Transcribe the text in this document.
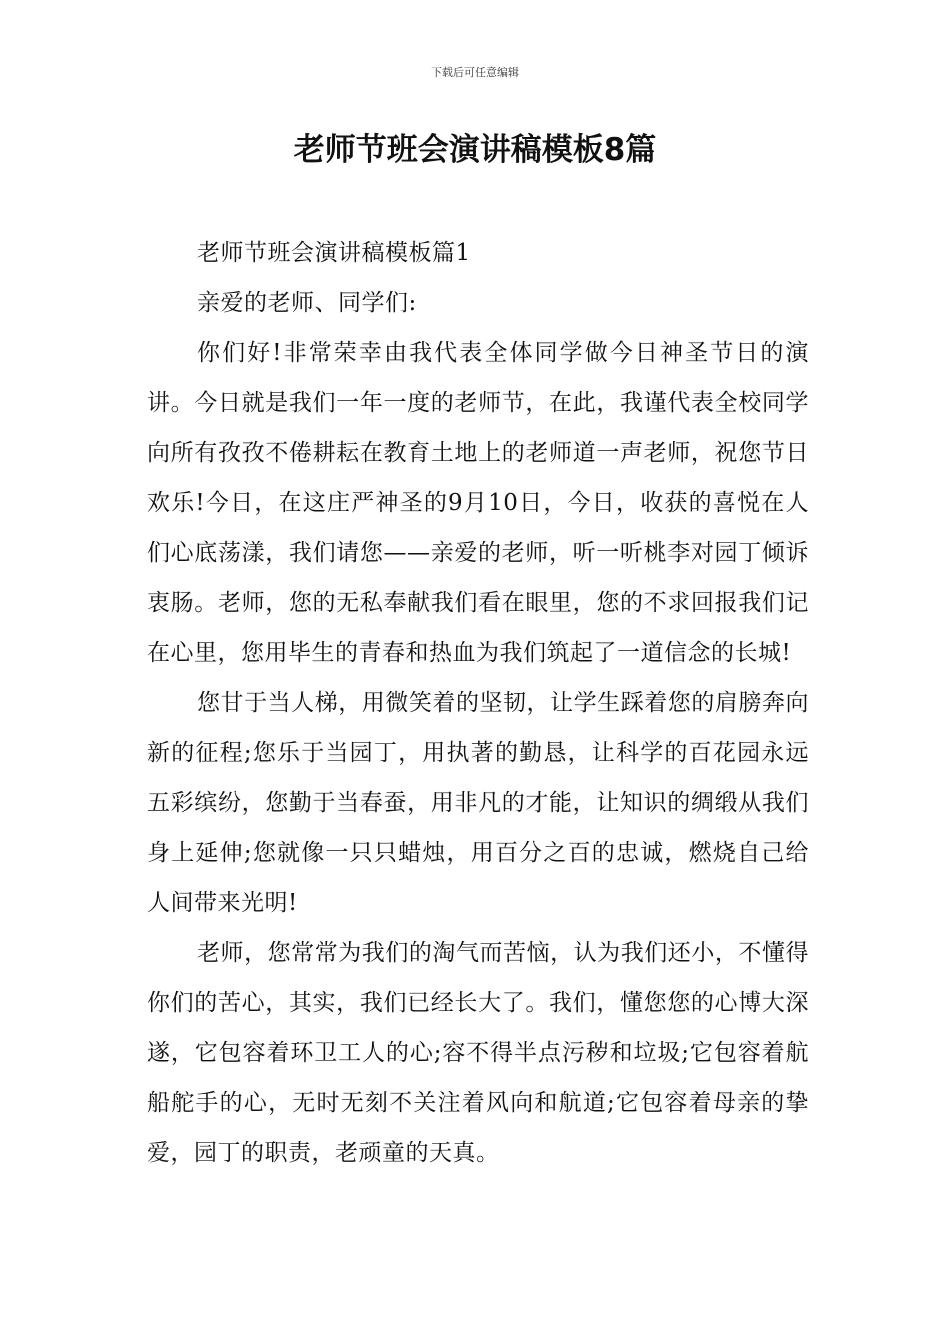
下载后可任意编辑
老师节班会演讲稿模板8篇

老师节班会演讲稿模板篇1

亲爱的老师、同学们:

你们好!非常荣幸由我代表全体同学做今日神圣节日的演讲。今日就是我们一年一度的老师节，在此，我谨代表全校同学向所有孜孜不倦耕耘在教育土地上的老师道一声老师，祝您节日欢乐!今日，在这庄严神圣的9月10日，今日，收获的喜悦在人们心底荡漾，我们请您——亲爱的老师，听一听桃李对园丁倾诉衷肠。老师，您的无私奉献我们看在眼里，您的不求回报我们记在心里，您用毕生的青春和热血为我们筑起了一道信念的长城!

您甘于当人梯，用微笑着的坚韧，让学生踩着您的肩膀奔向新的征程;您乐于当园丁，用执著的勤恳，让科学的百花园永远五彩缤纷，您勤于当春蚕，用非凡的才能，让知识的绸缎从我们身上延伸;您就像一只只蜡烛，用百分之百的忠诚，燃烧自己给人间带来光明!

老师，您常常为我们的淘气而苦恼，认为我们还小，不懂得你们的苦心，其实，我们已经长大了。我们，懂您您的心博大深遂，它包容着环卫工人的心;容不得半点污秽和垃圾;它包容着航船舵手的心，无时无刻不关注着风向和航道;它包容着母亲的挚爱，园丁的职责，老顽童的天真。
